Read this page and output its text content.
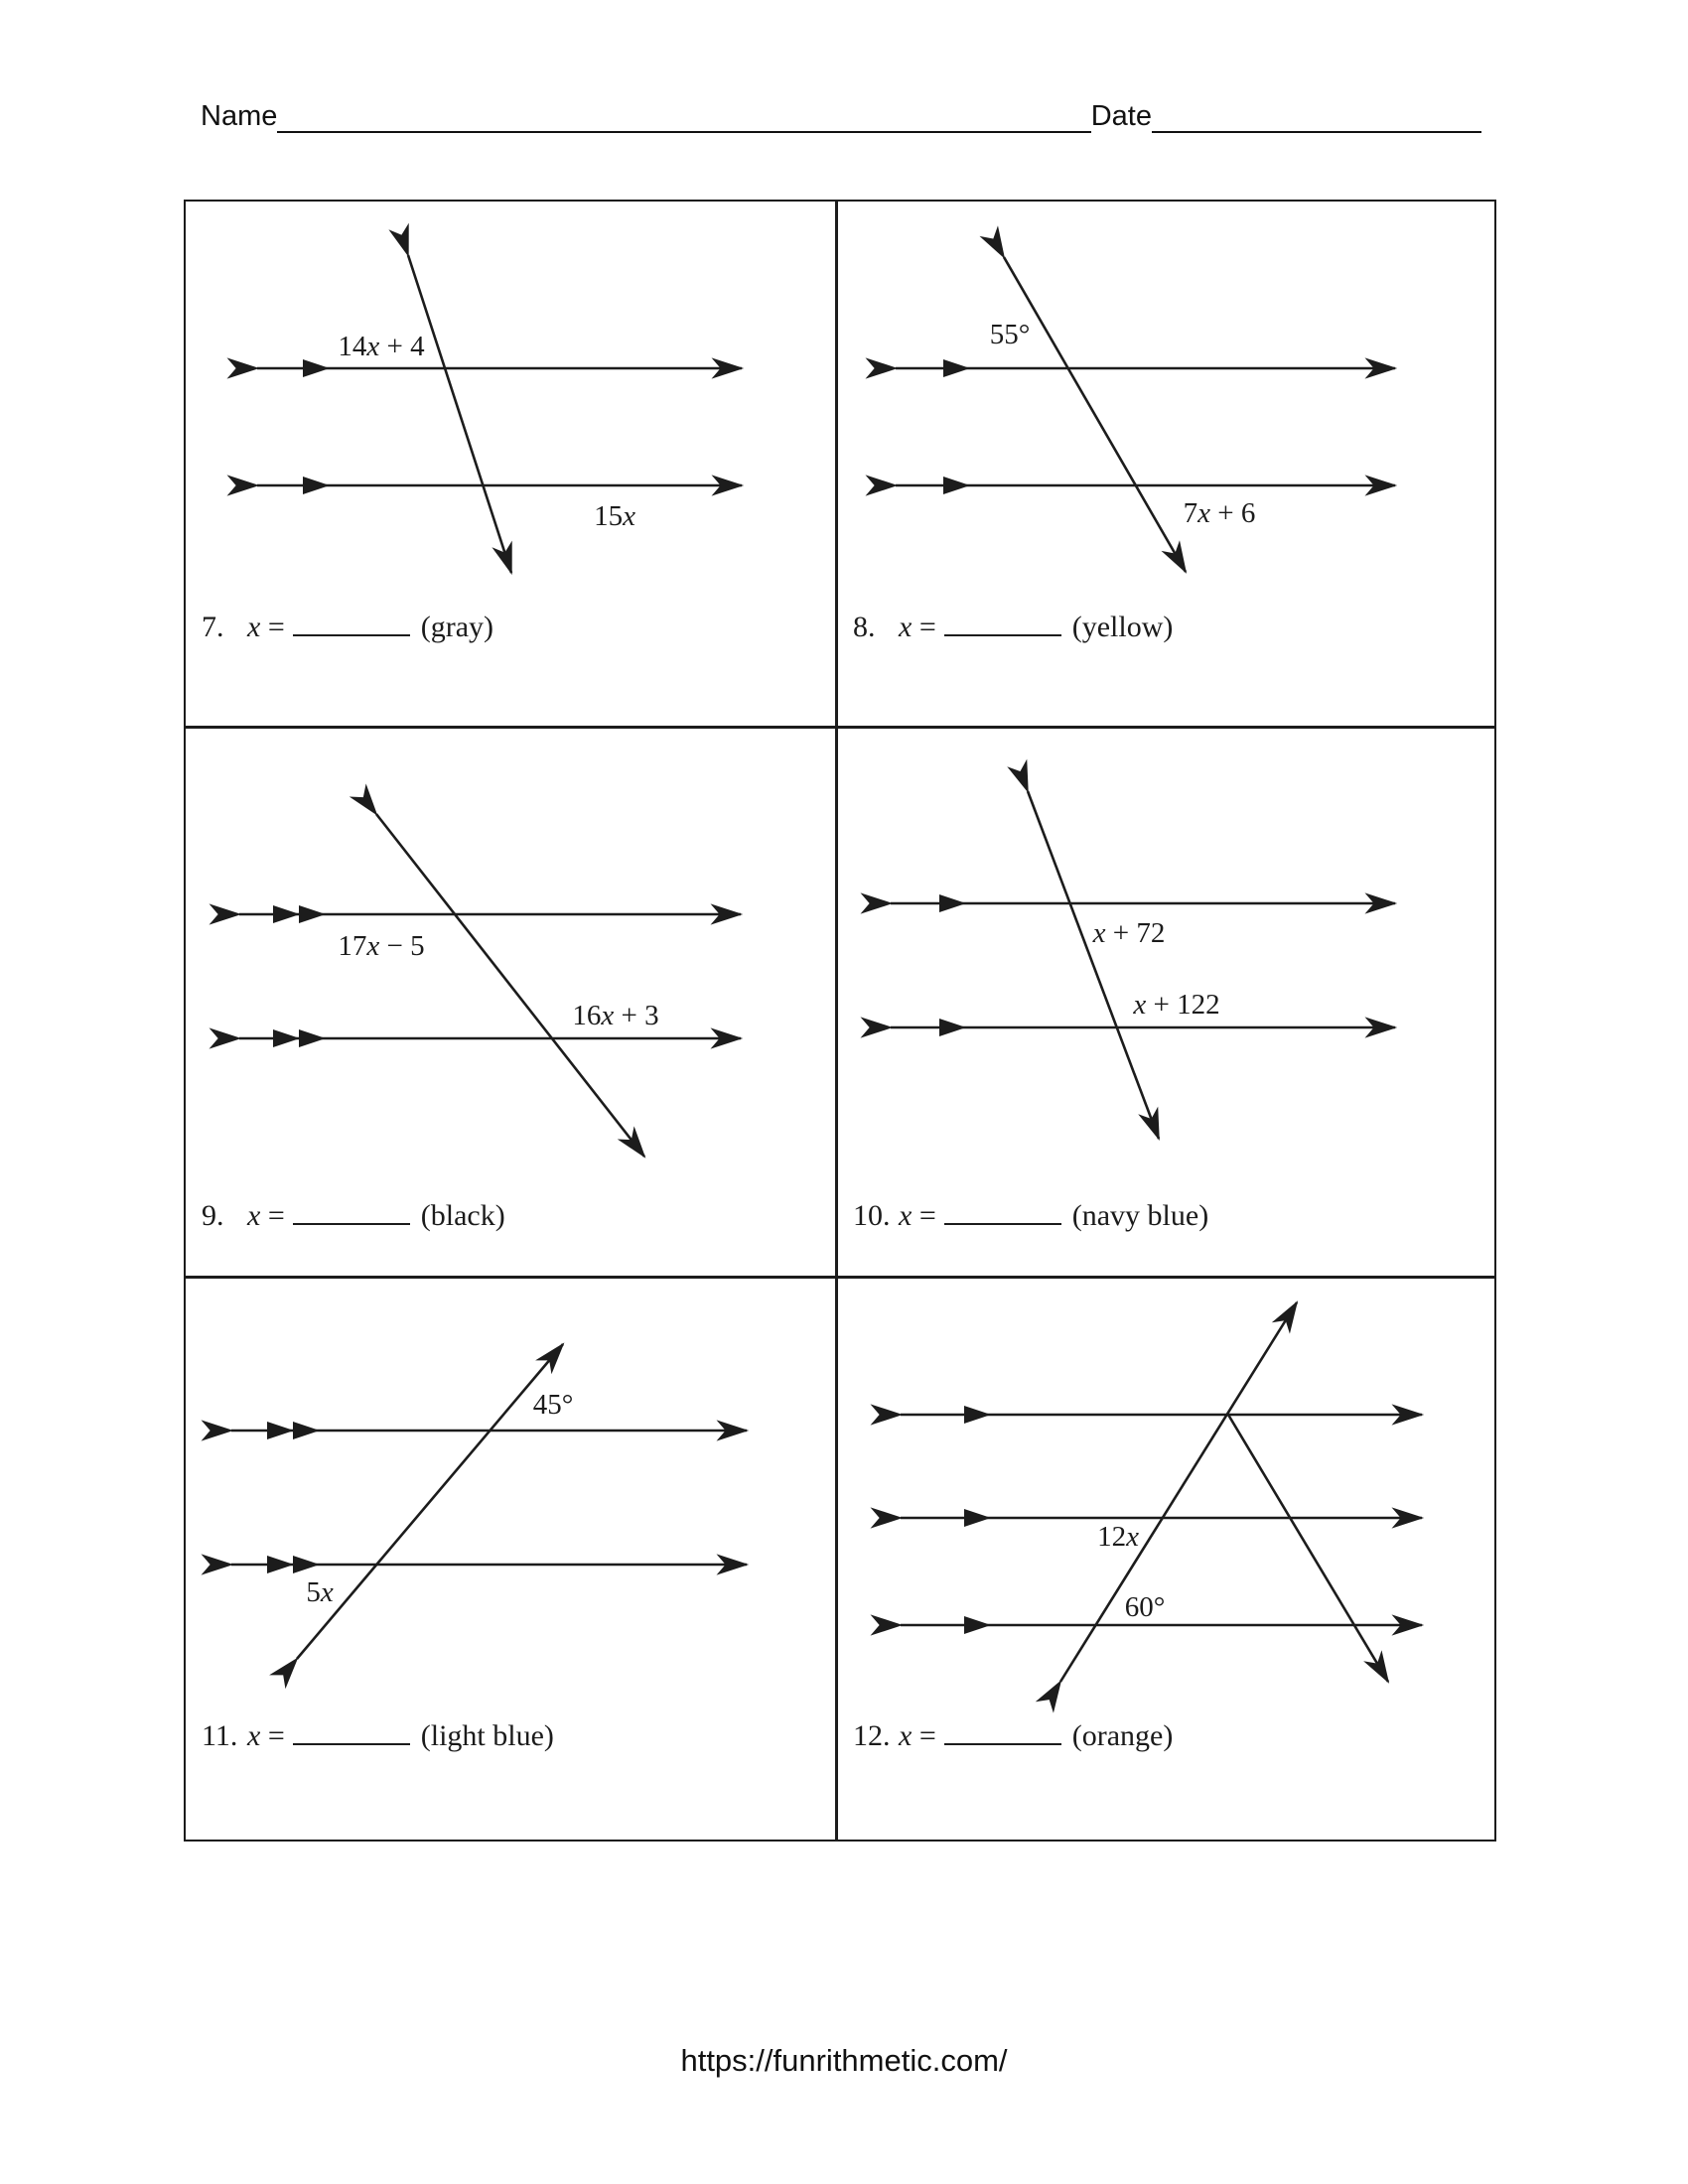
Name	Date
14x + 4
15x
7. x =	(gray)
55°
7x + 6
8. x =	(yellow)
17x − 5
16x + 3
9. x =	(black)
x + 72
x + 122
10. x =	(navy blue)
45°
5x
11. x =	(light blue)
12x
60°
12. x =	(orange)
https://funrithmetic.com/
